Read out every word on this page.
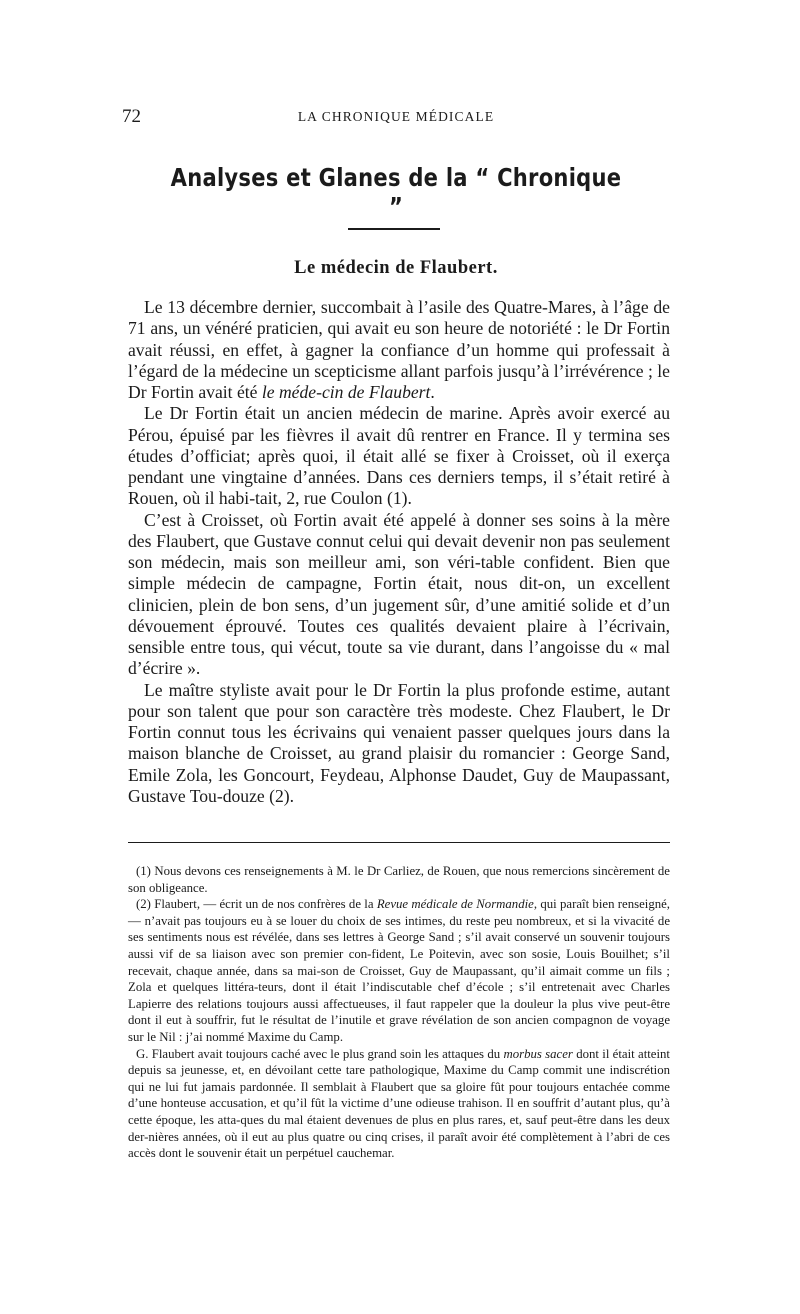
72	LA CHRONIQUE MÉDICALE
Analyses et Glanes de la “ Chronique ”
Le médecin de Flaubert.

Le 13 décembre dernier, succombait à l’asile des Quatre-Mares, à l’âge de 71 ans, un vénéré praticien, qui avait eu son heure de notoriété : le Dr Fortin avait réussi, en effet, à gagner la confiance d’un homme qui professait à l’égard de la médecine un scepticisme allant parfois jusqu’à l’irrévérence ; le Dr Fortin avait été le méde-cin de Flaubert.

Le Dr Fortin était un ancien médecin de marine. Après avoir exercé au Pérou, épuisé par les fièvres il avait dû rentrer en France. Il y termina ses études d’officiat; après quoi, il était allé se fixer à Croisset, où il exerça pendant une vingtaine d’années. Dans ces derniers temps, il s’était retiré à Rouen, où il habi-tait, 2, rue Coulon (1).

C’est à Croisset, où Fortin avait été appelé à donner ses soins à la mère des Flaubert, que Gustave connut celui qui devait devenir non pas seulement son médecin, mais son meilleur ami, son véri-table confident. Bien que simple médecin de campagne, Fortin était, nous dit-on, un excellent clinicien, plein de bon sens, d’un jugement sûr, d’une amitié solide et d’un dévouement éprouvé. Toutes ces qualités devaient plaire à l’écrivain, sensible entre tous, qui vécut, toute sa vie durant, dans l’angoisse du « mal d’écrire ».

Le maître styliste avait pour le Dr Fortin la plus profonde estime, autant pour son talent que pour son caractère très modeste. Chez Flaubert, le Dr Fortin connut tous les écrivains qui venaient passer quelques jours dans la maison blanche de Croisset, au grand plaisir du romancier : George Sand, Emile Zola, les Goncourt, Feydeau, Alphonse Daudet, Guy de Maupassant, Gustave Tou-douze (2).

(1) Nous devons ces renseignements à M. le Dr Carliez, de Rouen, que nous remercions sincèrement de son obligeance.

(2) Flaubert, — écrit un de nos confrères de la Revue médicale de Normandie, qui paraît bien renseigné, — n’avait pas toujours eu à se louer du choix de ses intimes, du reste peu nombreux, et si la vivacité de ses sentiments nous est révélée, dans ses lettres à George Sand ; s’il avait conservé un souvenir toujours aussi vif de sa liaison avec son premier con-fident, Le Poitevin, avec son sosie, Louis Bouilhet; s’il recevait, chaque année, dans sa mai-son de Croisset, Guy de Maupassant, qu’il aimait comme un fils ; Zola et quelques littéra-teurs, dont il était l’indiscutable chef d’école ; s’il entretenait avec Charles Lapierre des relations toujours aussi affectueuses, il faut rappeler que la douleur la plus vive peut-être dont il eut à souffrir, fut le résultat de l’inutile et grave révélation de son ancien compagnon de voyage sur le Nil : j’ai nommé Maxime du Camp.

G. Flaubert avait toujours caché avec le plus grand soin les attaques du morbus sacer dont il était atteint depuis sa jeunesse, et, en dévoilant cette tare pathologique, Maxime du Camp commit une indiscrétion qui ne lui fut jamais pardonnée. Il semblait à Flaubert que sa gloire fût pour toujours entachée comme d’une honteuse accusation, et qu’il fût la victime d’une odieuse trahison. Il en souffrit d’autant plus, qu’à cette époque, les atta-ques du mal étaient devenues de plus en plus rares, et, sauf peut-être dans les deux der-nières années, où il eut au plus quatre ou cinq crises, il paraît avoir été complètement à l’abri de ces accès dont le souvenir était un perpétuel cauchemar.
